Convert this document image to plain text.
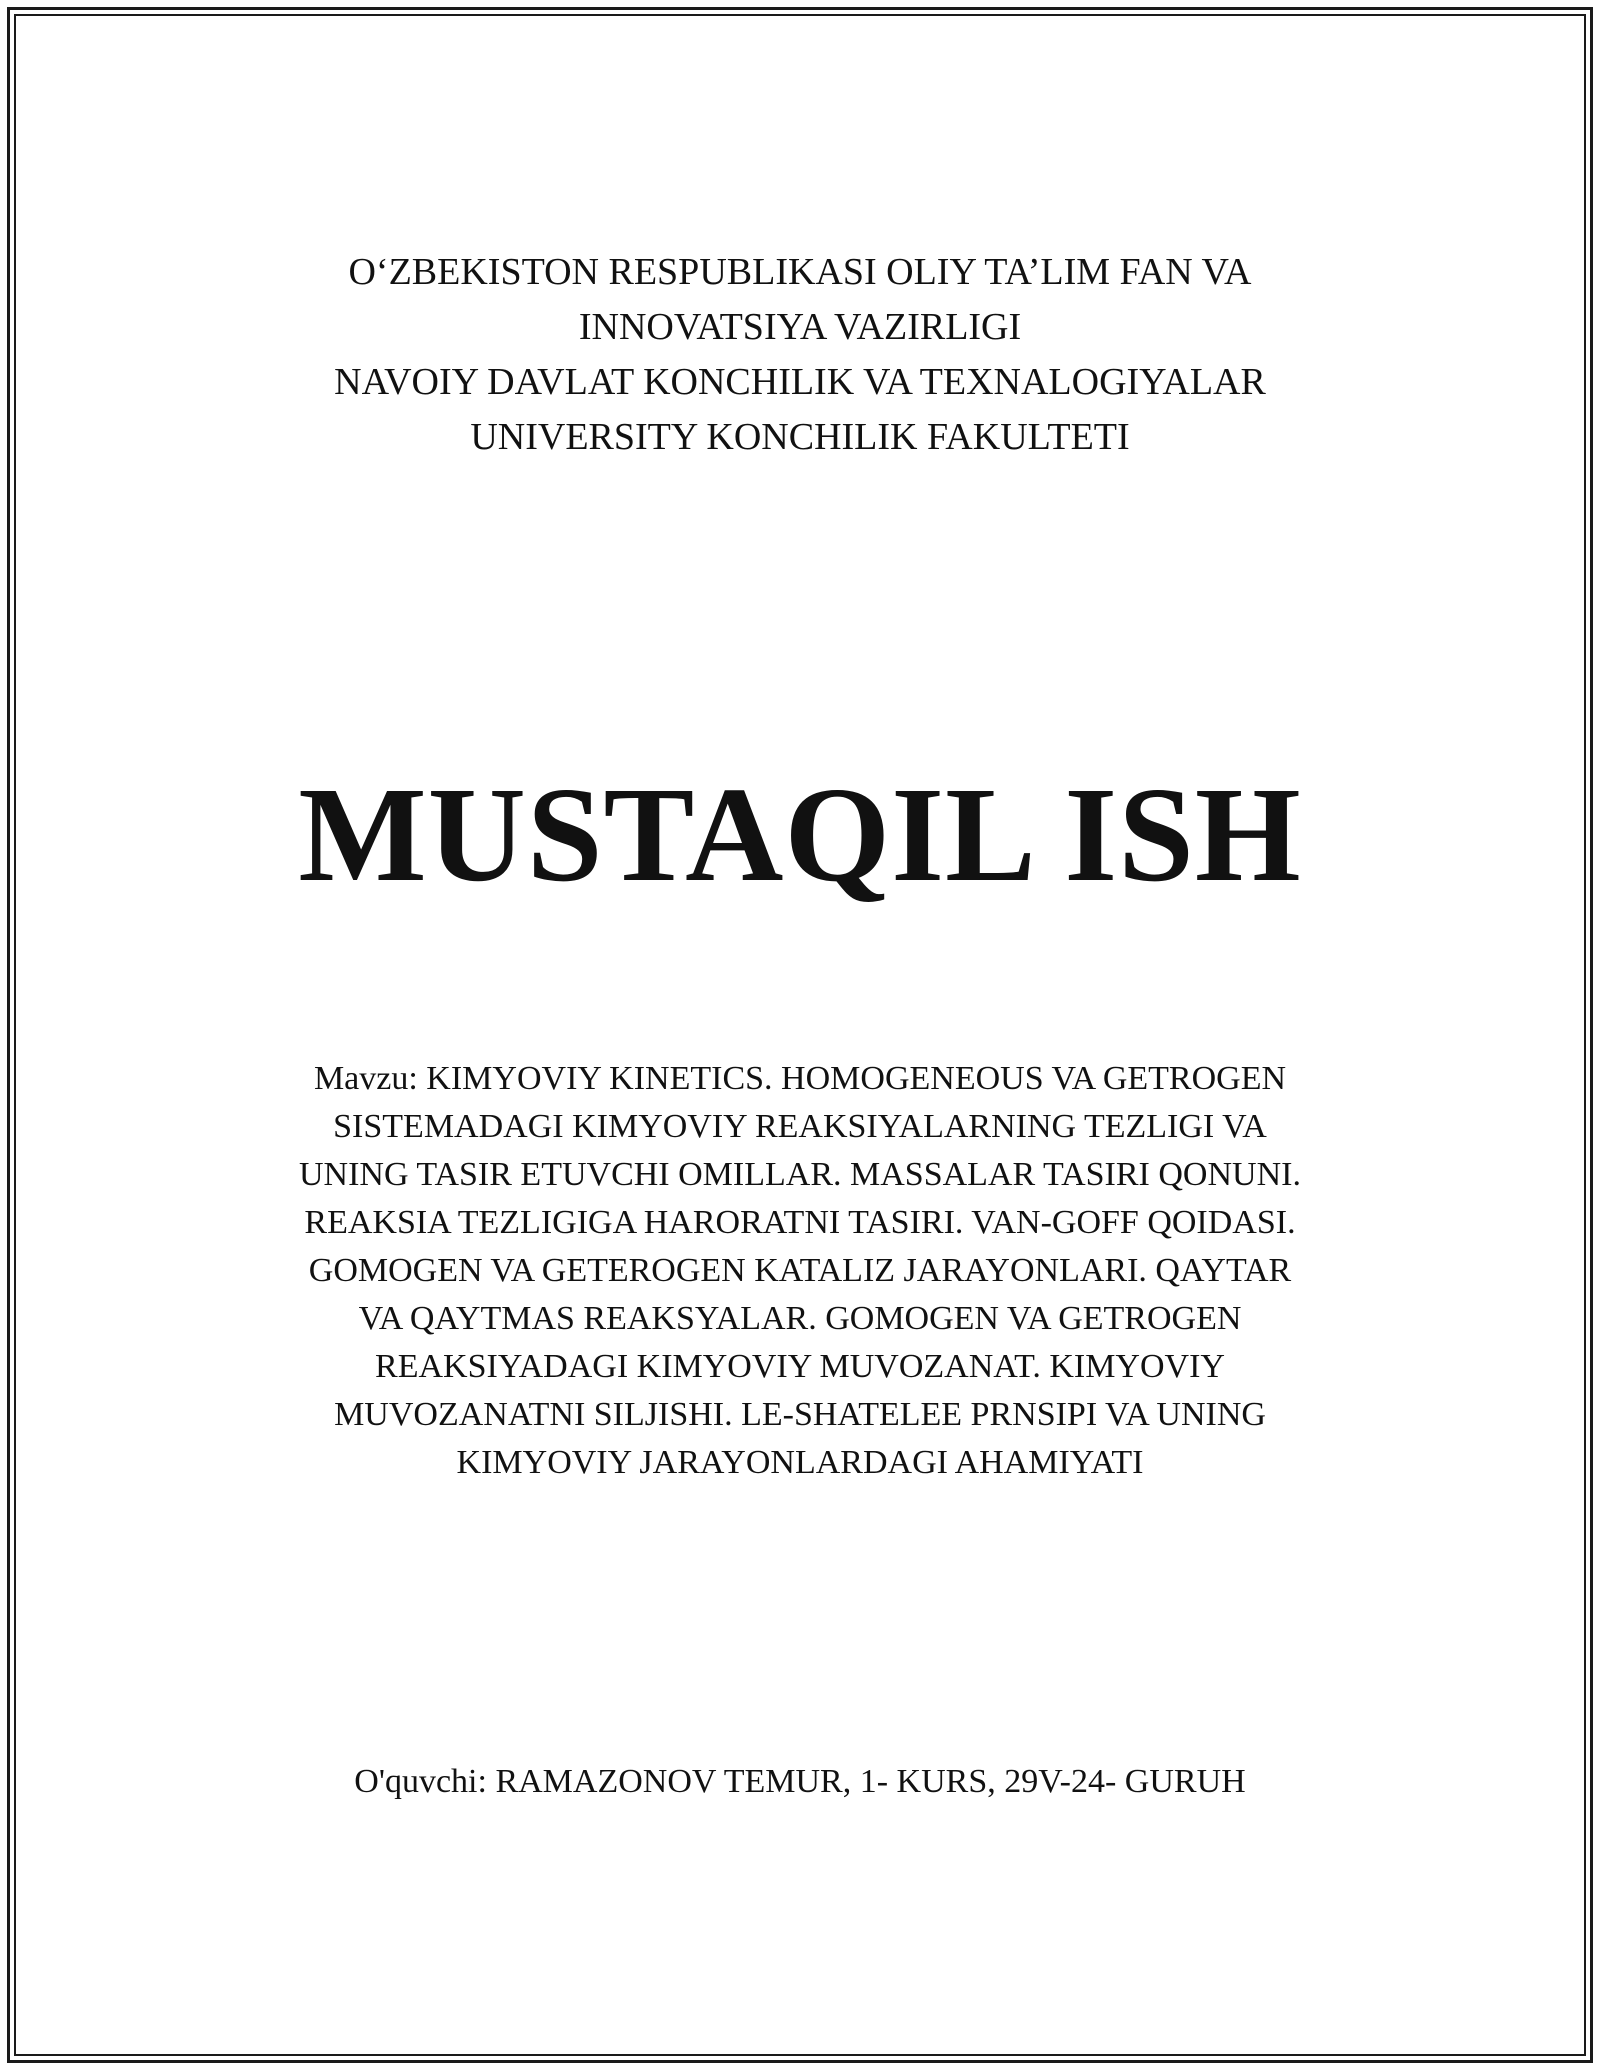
O‘ZBEKISTON RESPUBLIKASI OLIY TA’LIM FAN VA
INNOVATSIYA VAZIRLIGI
NAVOIY DAVLAT KONCHILIK VA TEXNALOGIYALAR
UNIVERSITY KONCHILIK FAKULTETI
MUSTAQIL ISH
Mavzu: KIMYOVIY KINETICS. HOMOGENEOUS VA GETROGEN
SISTEMADAGI KIMYOVIY REAKSIYALARNING TEZLIGI VA
UNING TASIR ETUVCHI OMILLAR. MASSALAR TASIRI QONUNI.
REAKSIA TEZLIGIGA HARORATNI TASIRI. VAN-GOFF QOIDASI.
GOMOGEN VA GETEROGEN KATALIZ JARAYONLARI. QAYTAR
VA QAYTMAS REAKSYALAR. GOMOGEN VA GETROGEN
REAKSIYADAGI KIMYOVIY MUVOZANAT. KIMYOVIY
MUVOZANATNI SILJISHI. LE-SHATELEE PRNSIPI VA UNING
KIMYOVIY JARAYONLARDAGI AHAMIYATI
O'quvchi: RAMAZONOV TEMUR, 1- KURS, 29V-24- GURUH
